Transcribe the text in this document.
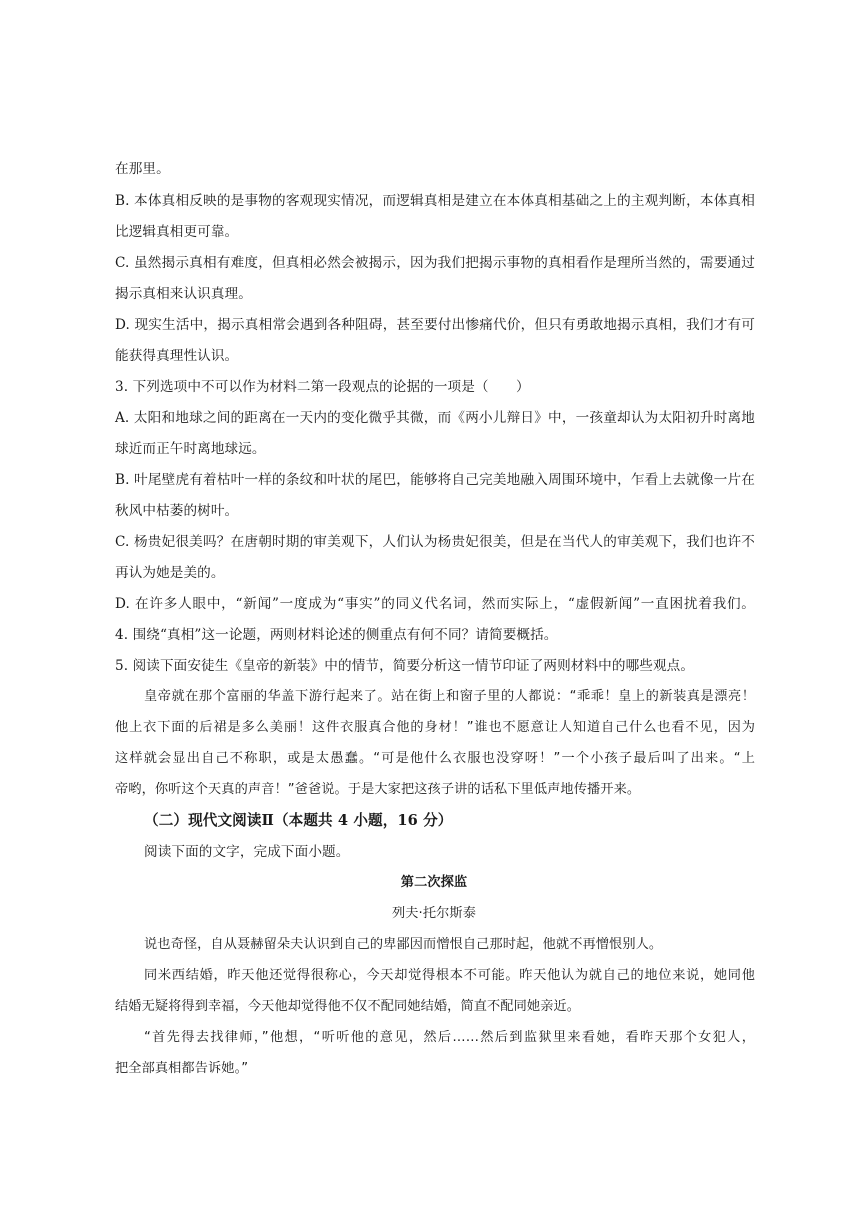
在那里。
B. 本体真相反映的是事物的客观现实情况，而逻辑真相是建立在本体真相基础之上的主观判断，本体真相
比逻辑真相更可靠。
C. 虽然揭示真相有难度，但真相必然会被揭示，因为我们把揭示事物的真相看作是理所当然的，需要通过
揭示真相来认识真理。
D. 现实生活中，揭示真相常会遇到各种阻碍，甚至要付出惨痛代价，但只有勇敢地揭示真相，我们才有可
能获得真理性认识。
3. 下列选项中不可以作为材料二第一段观点的论据的一项是（　　）
A. 太阳和地球之间的距离在一天内的变化微乎其微，而《两小儿辩日》中，一孩童却认为太阳初升时离地
球近而正午时离地球远。
B. 叶尾壁虎有着枯叶一样的条纹和叶状的尾巴，能够将自己完美地融入周围环境中，乍看上去就像一片在
秋风中枯萎的树叶。
C. 杨贵妃很美吗？在唐朝时期的审美观下，人们认为杨贵妃很美，但是在当代人的审美观下，我们也许不
再认为她是美的。
D. 在许多人眼中，“新闻”一度成为“事实”的同义代名词，然而实际上，“虚假新闻”一直困扰着我们。
4. 围绕“真相”这一论题，两则材料论述的侧重点有何不同？请简要概括。
5. 阅读下面安徒生《皇帝的新装》中的情节，简要分析这一情节印证了两则材料中的哪些观点。
皇帝就在那个富丽的华盖下游行起来了。站在街上和窗子里的人都说：“乖乖！皇上的新装真是漂亮！
他上衣下面的后裙是多么美丽！这件衣服真合他的身材！”谁也不愿意让人知道自己什么也看不见，因为
这样就会显出自己不称职，或是太愚蠢。“可是他什么衣服也没穿呀！”一个小孩子最后叫了出来。“上
帝哟，你听这个天真的声音！”爸爸说。于是大家把这孩子讲的话私下里低声地传播开来。
（二）现代文阅读Ⅱ（本题共 4 小题，16 分）
阅读下面的文字，完成下面小题。
第二次探监
列夫·托尔斯泰
说也奇怪，自从聂赫留朵夫认识到自己的卑鄙因而憎恨自己那时起，他就不再憎恨别人。
同米西结婚，昨天他还觉得很称心，今天却觉得根本不可能。昨天他认为就自己的地位来说，她同他
结婚无疑将得到幸福，今天他却觉得他不仅不配同她结婚，简直不配同她亲近。
“首先得去找律师，”他想，“听听他的意见，然后……然后到监狱里来看她，看昨天那个女犯人，
把全部真相都告诉她。”
